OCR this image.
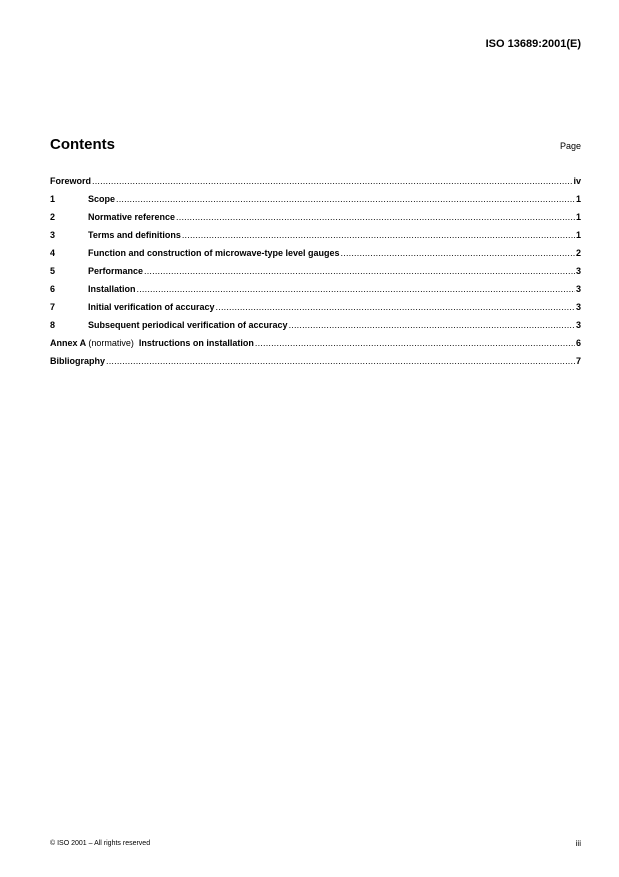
ISO 13689:2001(E)
Contents	Page
Foreword .....	iv
1	Scope .....	1
2	Normative reference .....	1
3	Terms and definitions .....	1
4	Function and construction of microwave-type level gauges .....	2
5	Performance .....	3
6	Installation .....	3
7	Initial verification of accuracy .....	3
8	Subsequent periodical verification of accuracy .....	3
Annex A (normative) Instructions on installation .....	6
Bibliography .....	7
© ISO 2001 – All rights reserved	iii
